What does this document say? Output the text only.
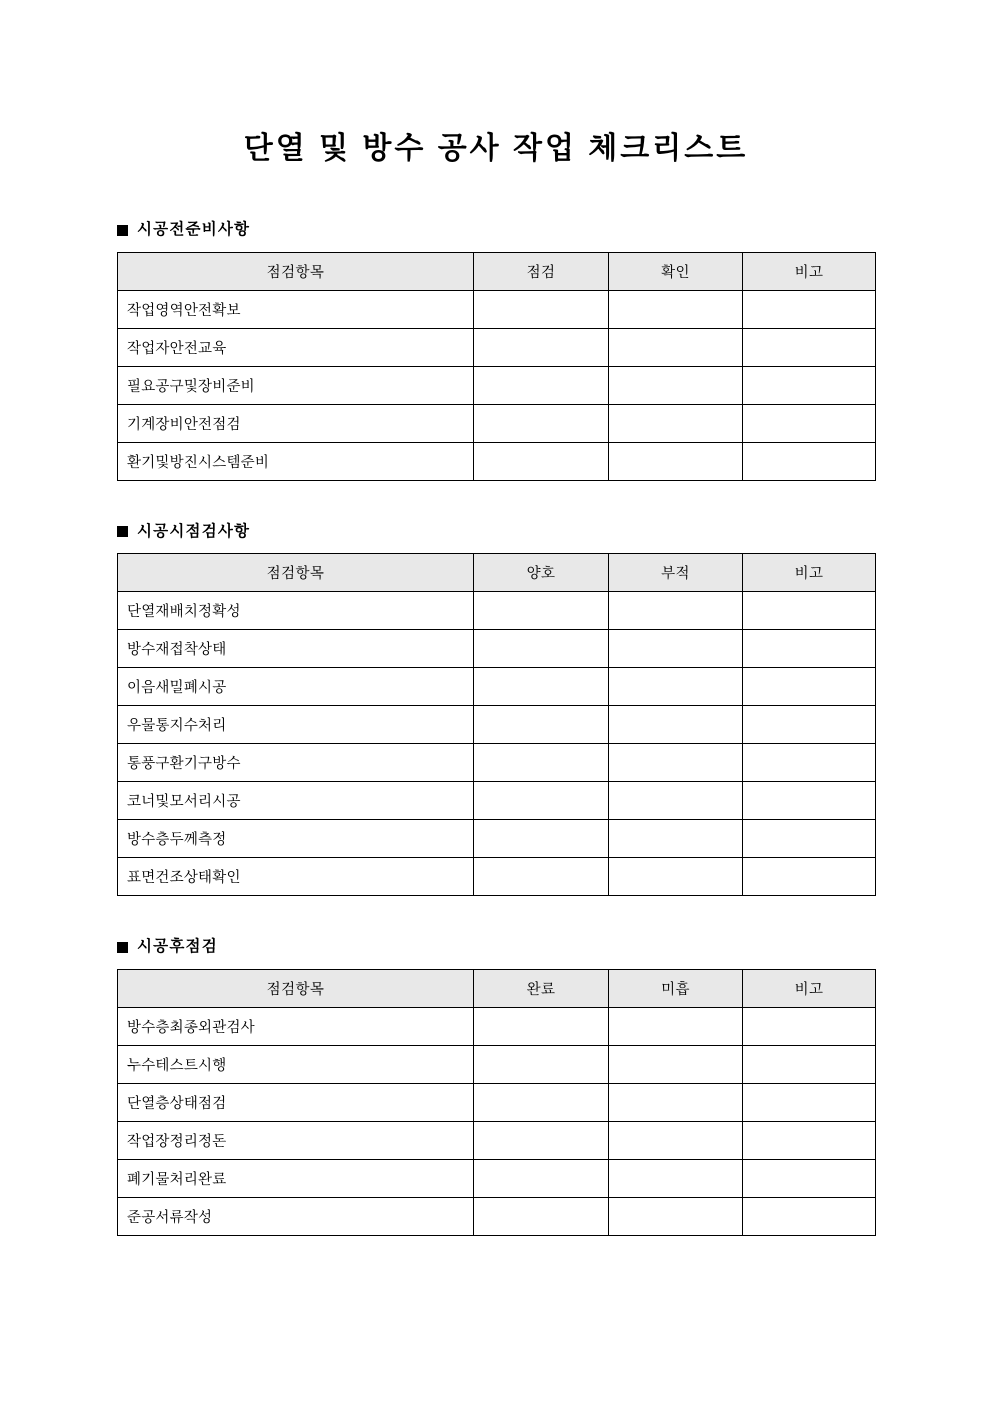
단열 및 방수 공사 작업 체크리스트
시공전준비사항
점검항목	점검	확인	비고
작업영역안전확보			
작업자안전교육			
필요공구및장비준비			
기계장비안전점검			
환기및방진시스템준비			
시공시점검사항
점검항목	양호	부적	비고
단열재배치정확성			
방수재접착상태			
이음새밀폐시공			
우물통지수처리			
통풍구환기구방수			
코너및모서리시공			
방수층두께측정			
표면건조상태확인			
시공후점검
점검항목	완료	미흡	비고
방수층최종외관검사			
누수테스트시행			
단열층상태점검			
작업장정리정돈			
폐기물처리완료			
준공서류작성			
